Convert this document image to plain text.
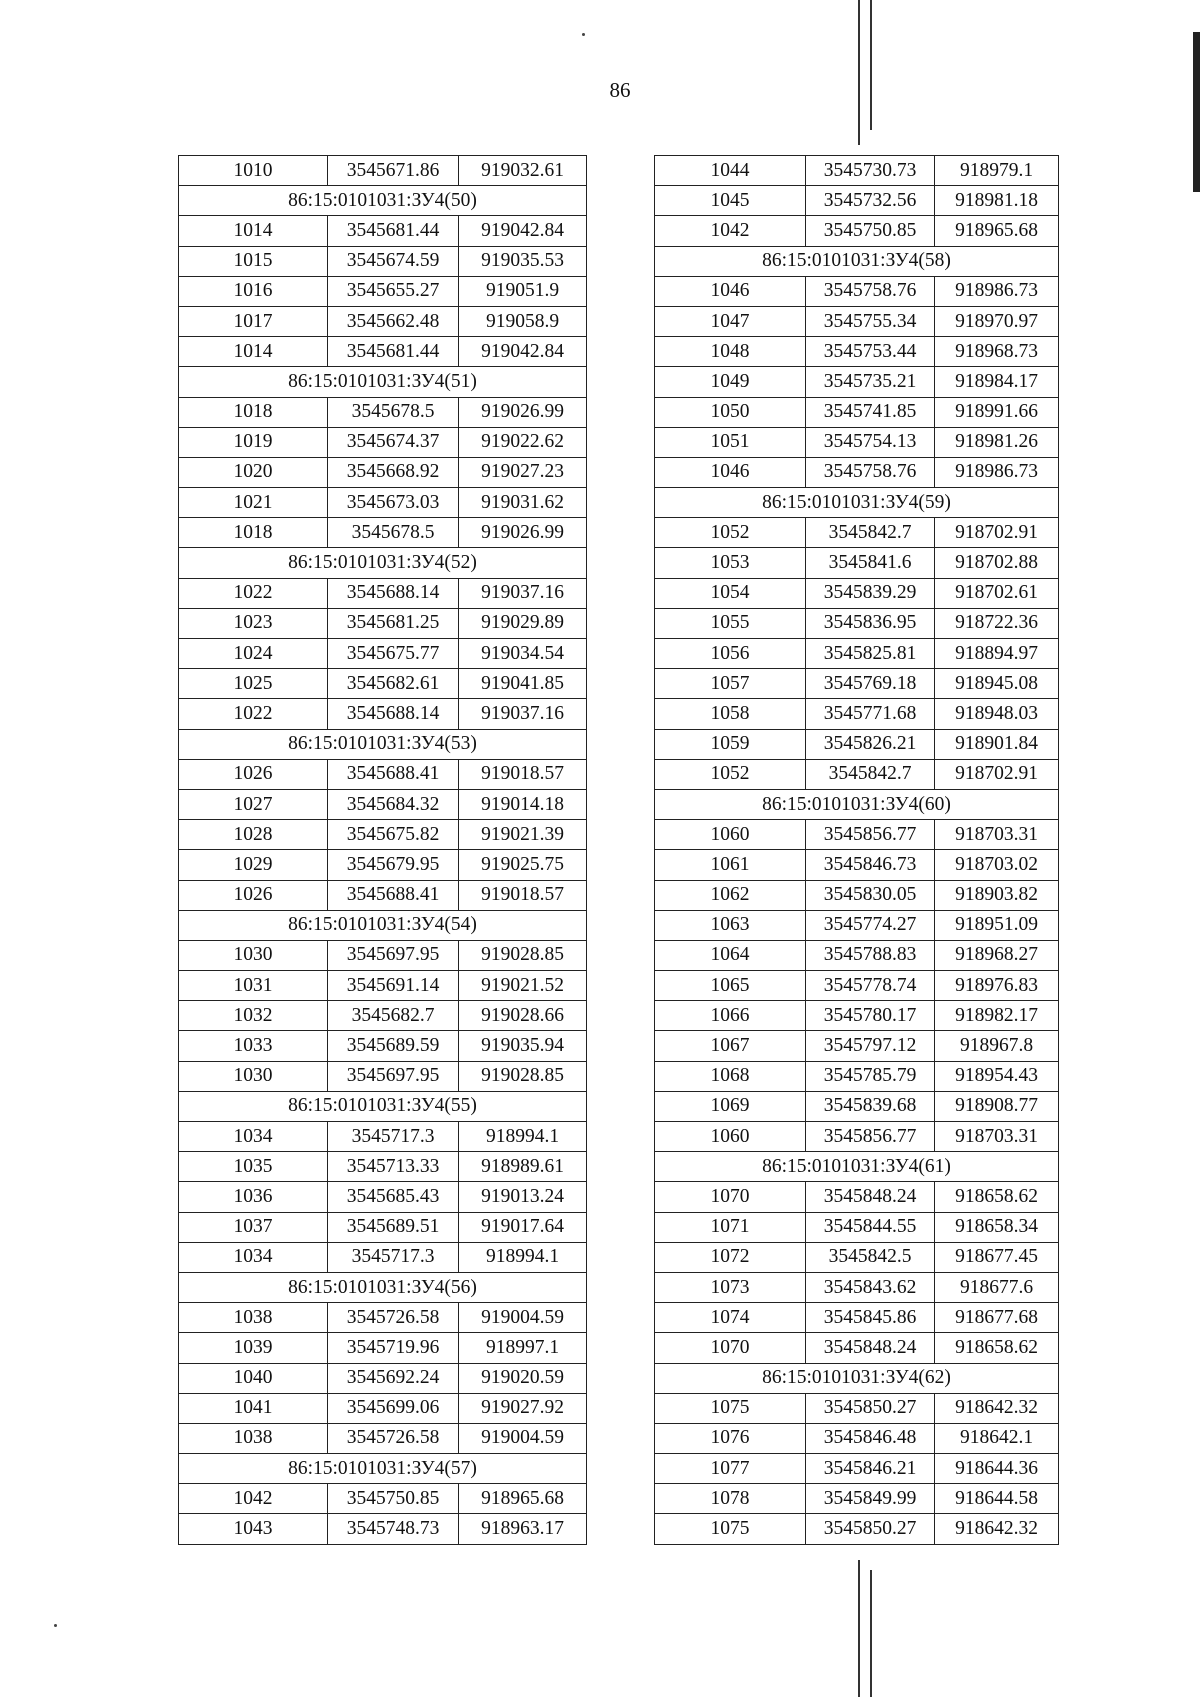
86
1010	3545671.86	919032.61
86:15:0101031:ЗУ4(50)		
1014	3545681.44	919042.84
1015	3545674.59	919035.53
1016	3545655.27	919051.9
1017	3545662.48	919058.9
1014	3545681.44	919042.84
86:15:0101031:ЗУ4(51)		
1018	3545678.5	919026.99
1019	3545674.37	919022.62
1020	3545668.92	919027.23
1021	3545673.03	919031.62
1018	3545678.5	919026.99
86:15:0101031:ЗУ4(52)		
1022	3545688.14	919037.16
1023	3545681.25	919029.89
1024	3545675.77	919034.54
1025	3545682.61	919041.85
1022	3545688.14	919037.16
86:15:0101031:ЗУ4(53)		
1026	3545688.41	919018.57
1027	3545684.32	919014.18
1028	3545675.82	919021.39
1029	3545679.95	919025.75
1026	3545688.41	919018.57
86:15:0101031:ЗУ4(54)		
1030	3545697.95	919028.85
1031	3545691.14	919021.52
1032	3545682.7	919028.66
1033	3545689.59	919035.94
1030	3545697.95	919028.85
86:15:0101031:ЗУ4(55)		
1034	3545717.3	918994.1
1035	3545713.33	918989.61
1036	3545685.43	919013.24
1037	3545689.51	919017.64
1034	3545717.3	918994.1
86:15:0101031:ЗУ4(56)		
1038	3545726.58	919004.59
1039	3545719.96	918997.1
1040	3545692.24	919020.59
1041	3545699.06	919027.92
1038	3545726.58	919004.59
86:15:0101031:ЗУ4(57)		
1042	3545750.85	918965.68
1043	3545748.73	918963.17
1044	3545730.73	918979.1
1045	3545732.56	918981.18
1042	3545750.85	918965.68
86:15:0101031:ЗУ4(58)		
1046	3545758.76	918986.73
1047	3545755.34	918970.97
1048	3545753.44	918968.73
1049	3545735.21	918984.17
1050	3545741.85	918991.66
1051	3545754.13	918981.26
1046	3545758.76	918986.73
86:15:0101031:ЗУ4(59)		
1052	3545842.7	918702.91
1053	3545841.6	918702.88
1054	3545839.29	918702.61
1055	3545836.95	918722.36
1056	3545825.81	918894.97
1057	3545769.18	918945.08
1058	3545771.68	918948.03
1059	3545826.21	918901.84
1052	3545842.7	918702.91
86:15:0101031:ЗУ4(60)		
1060	3545856.77	918703.31
1061	3545846.73	918703.02
1062	3545830.05	918903.82
1063	3545774.27	918951.09
1064	3545788.83	918968.27
1065	3545778.74	918976.83
1066	3545780.17	918982.17
1067	3545797.12	918967.8
1068	3545785.79	918954.43
1069	3545839.68	918908.77
1060	3545856.77	918703.31
86:15:0101031:ЗУ4(61)		
1070	3545848.24	918658.62
1071	3545844.55	918658.34
1072	3545842.5	918677.45
1073	3545843.62	918677.6
1074	3545845.86	918677.68
1070	3545848.24	918658.62
86:15:0101031:ЗУ4(62)		
1075	3545850.27	918642.32
1076	3545846.48	918642.1
1077	3545846.21	918644.36
1078	3545849.99	918644.58
1075	3545850.27	918642.32
